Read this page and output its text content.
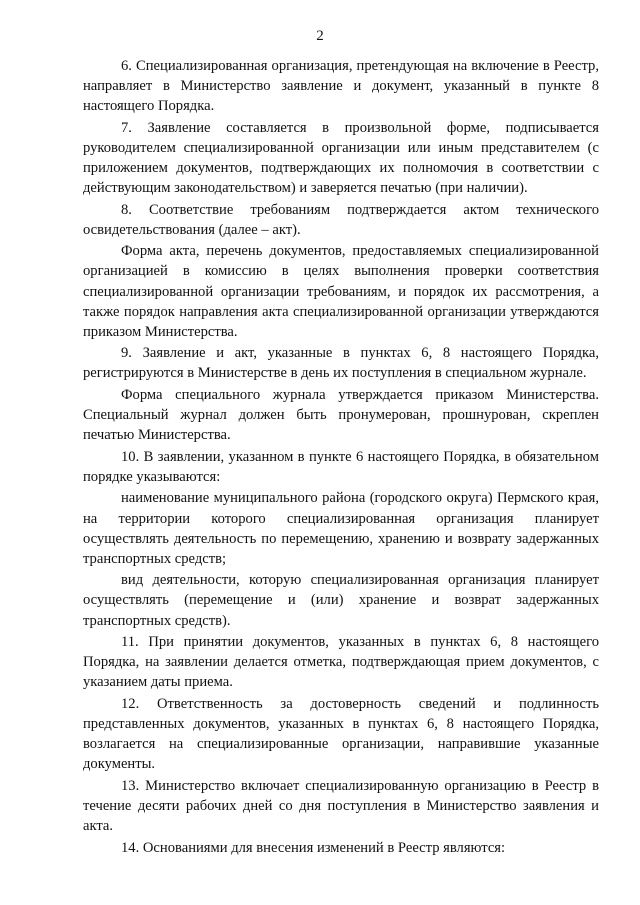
2

6. Специализированная организация, претендующая на включение в Реестр, направляет в Министерство заявление и документ, указанный в пункте 8 настоящего Порядка.

7. Заявление составляется в произвольной форме, подписывается руководителем специализированной организации или иным представителем (с приложением документов, подтверждающих их полномочия в соответствии с действующим законодательством) и заверяется печатью (при наличии).

8. Соответствие требованиям подтверждается актом технического освидетельствования (далее – акт).

Форма акта, перечень документов, предоставляемых специализированной организацией в комиссию в целях выполнения проверки соответствия специализированной организации требованиям, и порядок их рассмотрения, а также порядок направления акта специализированной организации утверждаются приказом Министерства.

9. Заявление и акт, указанные в пунктах 6, 8 настоящего Порядка, регистрируются в Министерстве в день их поступления в специальном журнале.

Форма специального журнала утверждается приказом Министерства. Специальный журнал должен быть пронумерован, прошнурован, скреплен печатью Министерства.

10. В заявлении, указанном в пункте 6 настоящего Порядка, в обязательном порядке указываются:

наименование муниципального района (городского округа) Пермского края, на территории которого специализированная организация планирует осуществлять деятельность по перемещению, хранению и возврату задержанных транспортных средств;

вид деятельности, которую специализированная организация планирует осуществлять (перемещение и (или) хранение и возврат задержанных транспортных средств).

11. При принятии документов, указанных в пунктах 6, 8 настоящего Порядка, на заявлении делается отметка, подтверждающая прием документов, с указанием даты приема.

12. Ответственность за достоверность сведений и подлинность представленных документов, указанных в пунктах 6, 8 настоящего Порядка, возлагается на специализированные организации, направившие указанные документы.

13. Министерство включает специализированную организацию в Реестр в течение десяти рабочих дней со дня поступления в Министерство заявления и акта.

14. Основаниями для внесения изменений в Реестр являются:
